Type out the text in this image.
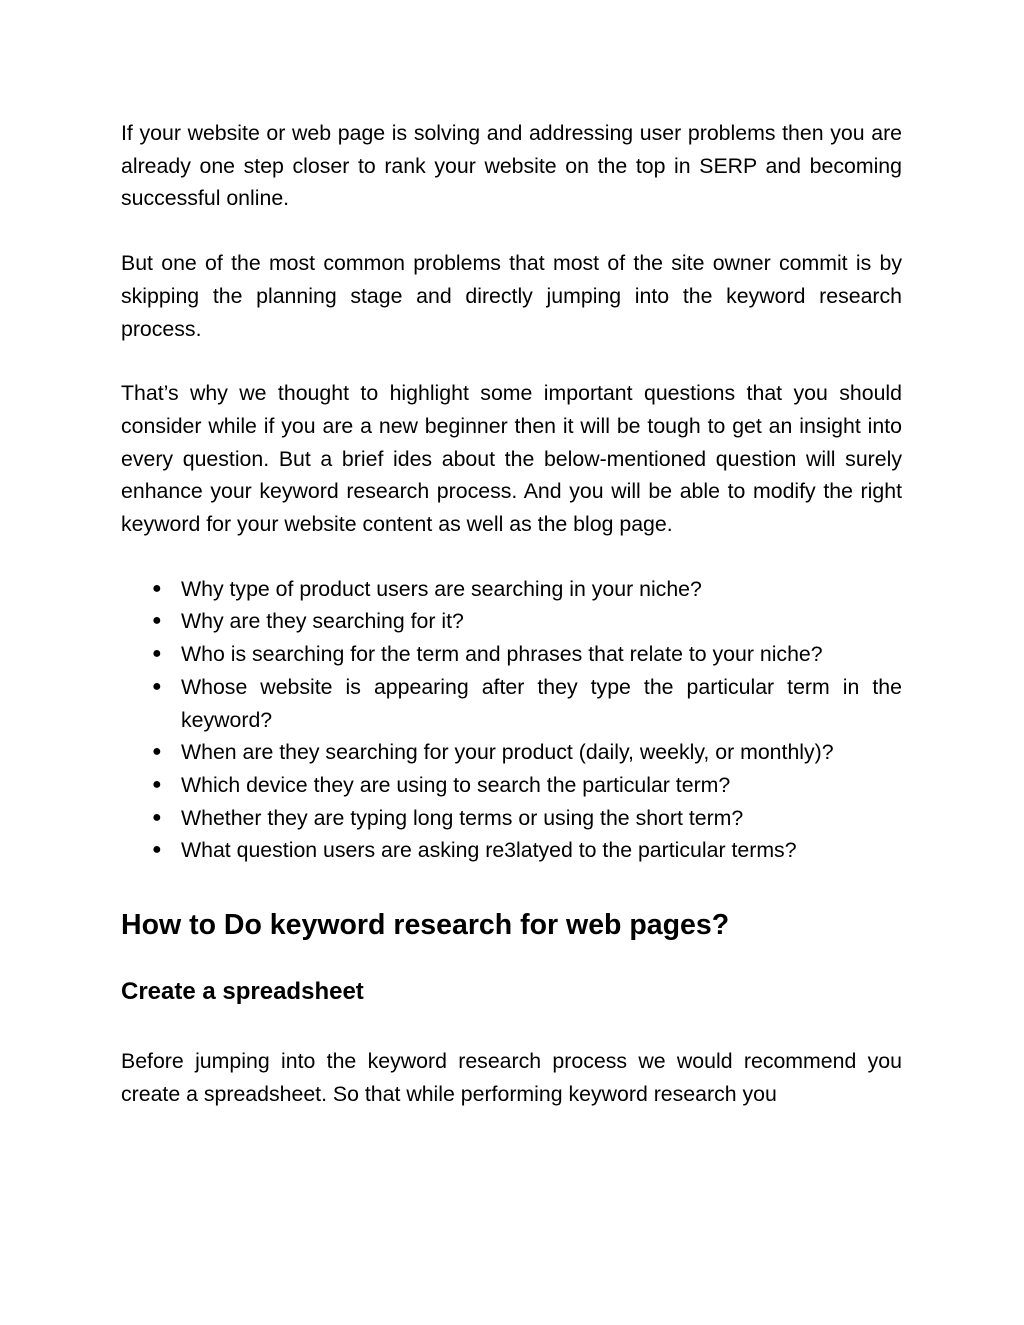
If your website or web page is solving and addressing user problems then you are already one step closer to rank your website on the top in SERP and becoming successful online.

But one of the most common problems that most of the site owner commit is by skipping the planning stage and directly jumping into the keyword research process.

That’s why we thought to highlight some important questions that you should consider while if you are a new beginner then it will be tough to get an insight into every question. But a brief ides about the below-mentioned question will surely enhance your keyword research process. And you will be able to modify the right keyword for your website content as well as the blog page.

● Why type of product users are searching in your niche?
● Why are they searching for it?
● Who is searching for the term and phrases that relate to your niche?
● Whose website is appearing after they type the particular term in the keyword?
● When are they searching for your product (daily, weekly, or monthly)?
● Which device they are using to search the particular term?
● Whether they are typing long terms or using the short term?
● What question users are asking re3latyed to the particular terms?
How to Do keyword research for web pages?
Create a spreadsheet

Before jumping into the keyword research process we would recommend you create a spreadsheet. So that while performing keyword research you
